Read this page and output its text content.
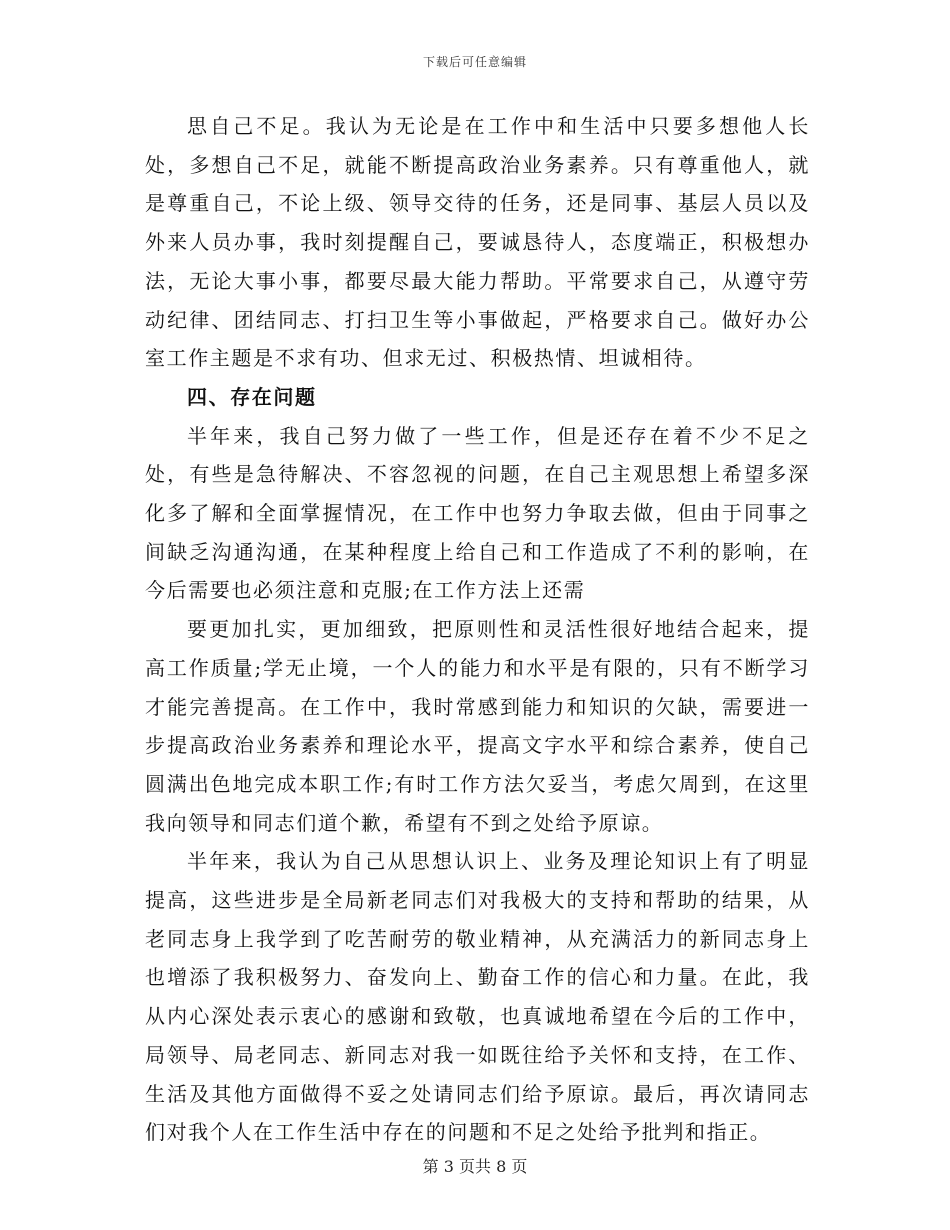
下载后可任意编辑

思自己不足。我认为无论是在工作中和生活中只要多想他人长处，多想自己不足，就能不断提高政治业务素养。只有尊重他人，就是尊重自己，不论上级、领导交待的任务，还是同事、基层人员以及外来人员办事，我时刻提醒自己，要诚恳待人，态度端正，积极想办法，无论大事小事，都要尽最大能力帮助。平常要求自己，从遵守劳动纪律、团结同志、打扫卫生等小事做起，严格要求自己。做好办公室工作主题是不求有功、但求无过、积极热情、坦诚相待。

四、存在问题

半年来，我自己努力做了一些工作，但是还存在着不少不足之处，有些是急待解决、不容忽视的问题，在自己主观思想上希望多深化多了解和全面掌握情况，在工作中也努力争取去做，但由于同事之间缺乏沟通沟通，在某种程度上给自己和工作造成了不利的影响，在今后需要也必须注意和克服;在工作方法上还需

要更加扎实，更加细致，把原则性和灵活性很好地结合起来，提高工作质量;学无止境，一个人的能力和水平是有限的，只有不断学习才能完善提高。在工作中，我时常感到能力和知识的欠缺，需要进一步提高政治业务素养和理论水平，提高文字水平和综合素养，使自己圆满出色地完成本职工作;有时工作方法欠妥当，考虑欠周到，在这里我向领导和同志们道个歉，希望有不到之处给予原谅。

半年来，我认为自己从思想认识上、业务及理论知识上有了明显提高，这些进步是全局新老同志们对我极大的支持和帮助的结果，从老同志身上我学到了吃苦耐劳的敬业精神，从充满活力的新同志身上也增添了我积极努力、奋发向上、勤奋工作的信心和力量。在此，我从内心深处表示衷心的感谢和致敬，也真诚地希望在今后的工作中，局领导、局老同志、新同志对我一如既往给予关怀和支持，在工作、生活及其他方面做得不妥之处请同志们给予原谅。最后，再次请同志们对我个人在工作生活中存在的问题和不足之处给予批判和指正。

第 3 页共 8 页
